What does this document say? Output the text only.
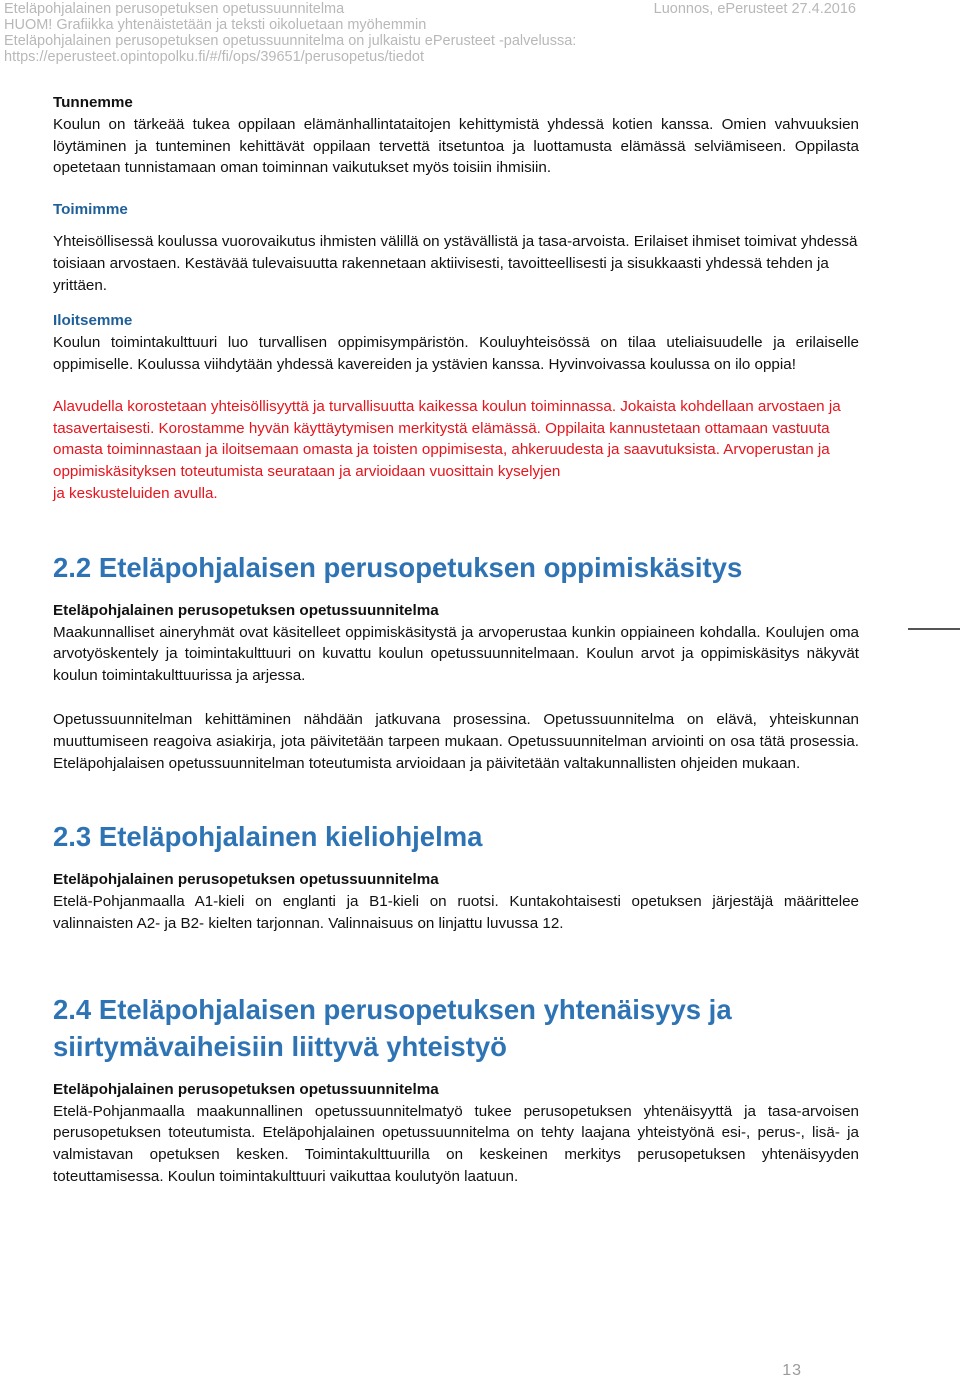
Eteläpohjalainen perusopetuksen opetussuunnitelma
HUOM! Grafiikka yhtenäistetään ja teksti oikoluetaan myöhemmin
Eteläpohjalainen perusopetuksen opetussuunnitelma on julkaistu ePerusteet -palvelussa:
https://eperusteet.opintopolku.fi/#/fi/ops/39651/perusopetus/tiedot
Luonnos, ePerusteet 27.4.2016

Tunnemme

Koulun on tärkeää tukea oppilaan elämänhallintataitojen kehittymistä yhdessä kotien kanssa. Omien vahvuuksien löytäminen ja tunteminen kehittävät oppilaan tervettä itsetuntoa ja luottamusta elämässä selviämiseen. Oppilasta opetetaan tunnistamaan oman toiminnan vaikutukset myös toisiin ihmisiin.

Toimimme

Yhteisöllisessä koulussa vuorovaikutus ihmisten välillä on ystävällistä ja tasa-arvoista. Erilaiset ihmiset toimivat yhdessä toisiaan arvostaen. Kestävää tulevaisuutta rakennetaan aktiivisesti, tavoitteellisesti ja sisukkaasti yhdessä tehden ja yrittäen.

Iloitsemme

Koulun toimintakulttuuri luo turvallisen oppimisympäristön. Kouluyhteisössä on tilaa uteliaisuudelle ja erilaiselle oppimiselle. Koulussa viihdytään yhdessä kavereiden ja ystävien kanssa. Hyvinvoivassa koulussa on ilo oppia!

Alavudella korostetaan yhteisöllisyyttä ja turvallisuutta kaikessa koulun toiminnassa. Jokaista kohdellaan arvostaen ja tasavertaisesti. Korostamme hyvän käyttäytymisen merkitystä elämässä. Oppilaita kannustetaan ottamaan vastuuta omasta toiminnastaan ja iloitsemaan omasta ja toisten oppimisesta, ahkeruudesta ja saavutuksista. Arvoperustan ja oppimiskäsityksen toteutumista seurataan ja arvioidaan vuosittain kyselyjen

ja keskusteluiden avulla.

2.2 Eteläpohjalaisen perusopetuksen oppimiskäsitys

Eteläpohjalainen perusopetuksen opetussuunnitelma

Maakunnalliset aineryhmät ovat käsitelleet oppimiskäsitystä ja arvoperustaa kunkin oppiaineen kohdalla. Koulujen oma arvotyöskentely ja toimintakulttuuri on kuvattu koulun opetussuunnitelmaan. Koulun arvot ja oppimiskäsitys näkyvät koulun toimintakulttuurissa ja arjessa.

Opetussuunnitelman kehittäminen nähdään jatkuvana prosessina. Opetussuunnitelma on elävä, yhteiskunnan muuttumiseen reagoiva asiakirja, jota päivitetään tarpeen mukaan. Opetussuunnitelman arviointi on osa tätä prosessia. Eteläpohjalaisen opetussuunnitelman toteutumista arvioidaan ja päivitetään valtakunnallisten ohjeiden mukaan.

2.3 Eteläpohjalainen kieliohjelma

Eteläpohjalainen perusopetuksen opetussuunnitelma

Etelä-Pohjanmaalla A1-kieli on englanti ja B1-kieli on ruotsi. Kuntakohtaisesti opetuksen järjestäjä määrittelee valinnaisten A2- ja B2- kielten tarjonnan. Valinnaisuus on linjattu luvussa 12.

2.4 Eteläpohjalaisen perusopetuksen yhtenäisyys ja siirtymävaiheisiin liittyvä yhteistyö

Eteläpohjalainen perusopetuksen opetussuunnitelma

Etelä-Pohjanmaalla maakunnallinen opetussuunnitelmatyö tukee perusopetuksen yhtenäisyyttä ja tasa-arvoisen perusopetuksen toteutumista. Eteläpohjalainen opetussuunnitelma on tehty laajana yhteistyönä esi-, perus-, lisä- ja valmistavan opetuksen kesken. Toimintakulttuurilla on keskeinen merkitys perusopetuksen yhtenäisyyden toteuttamisessa. Koulun toimintakulttuuri vaikuttaa koulutyön laatuun.

13
